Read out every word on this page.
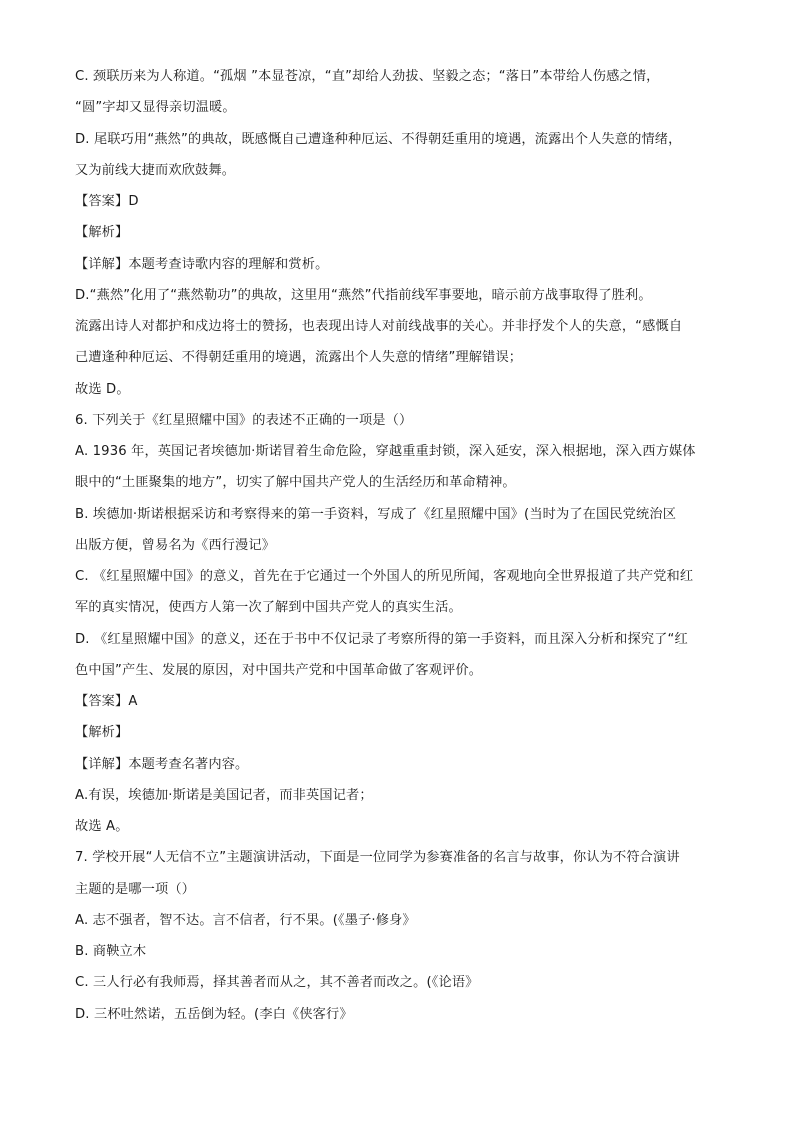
C. 颈联历来为人称道。“孤烟 ”本显苍凉，“直”却给人劲拔、坚毅之态；“落日”本带给人伤感之情，
“圆”字却又显得亲切温暖。
D. 尾联巧用“燕然”的典故，既感慨自己遭逢种种厄运、不得朝廷重用的境遇，流露出个人失意的情绪，
又为前线大捷而欢欣鼓舞。
【答案】D
【解析】
【详解】本题考查诗歌内容的理解和赏析。
D.“燕然”化用了“燕然勒功”的典故，这里用“燕然”代指前线军事要地，暗示前方战事取得了胜利。
流露出诗人对都护和戍边将士的赞扬，也表现出诗人对前线战事的关心。并非抒发个人的失意，“感慨自
己遭逢种种厄运、不得朝廷重用的境遇，流露出个人失意的情绪”理解错误；
故选 D。
6. 下列关于《红星照耀中国》的表述不正确的一项是（）
A. 1936 年，英国记者埃德加·斯诺冒着生命危险，穿越重重封锁，深入延安，深入根据地，深入西方媒体
眼中的“土匪聚集的地方”，切实了解中国共产党人的生活经历和革命精神。
B. 埃德加·斯诺根据采访和考察得来的第一手资料，写成了《红星照耀中国》(当时为了在国民党统治区
出版方便，曾易名为《西行漫记》
C. 《红星照耀中国》的意义，首先在于它通过一个外国人的所见所闻，客观地向全世界报道了共产党和红
军的真实情况，使西方人第一次了解到中国共产党人的真实生活。
D. 《红星照耀中国》的意义，还在于书中不仅记录了考察所得的第一手资料，而且深入分析和探究了“红
色中国”产生、发展的原因，对中国共产党和中国革命做了客观评价。
【答案】A
【解析】
【详解】本题考查名著内容。
A.有误，埃德加·斯诺是美国记者，而非英国记者；
故选 A。
7. 学校开展“人无信不立”主题演讲活动，下面是一位同学为参赛准备的名言与故事，你认为不符合演讲
主题的是哪一项（）
A. 志不强者，智不达。言不信者，行不果。(《墨子·修身》
B. 商鞅立木
C. 三人行必有我师焉，择其善者而从之，其不善者而改之。(《论语》
D. 三杯吐然诺，五岳倒为轻。(李白《侠客行》
